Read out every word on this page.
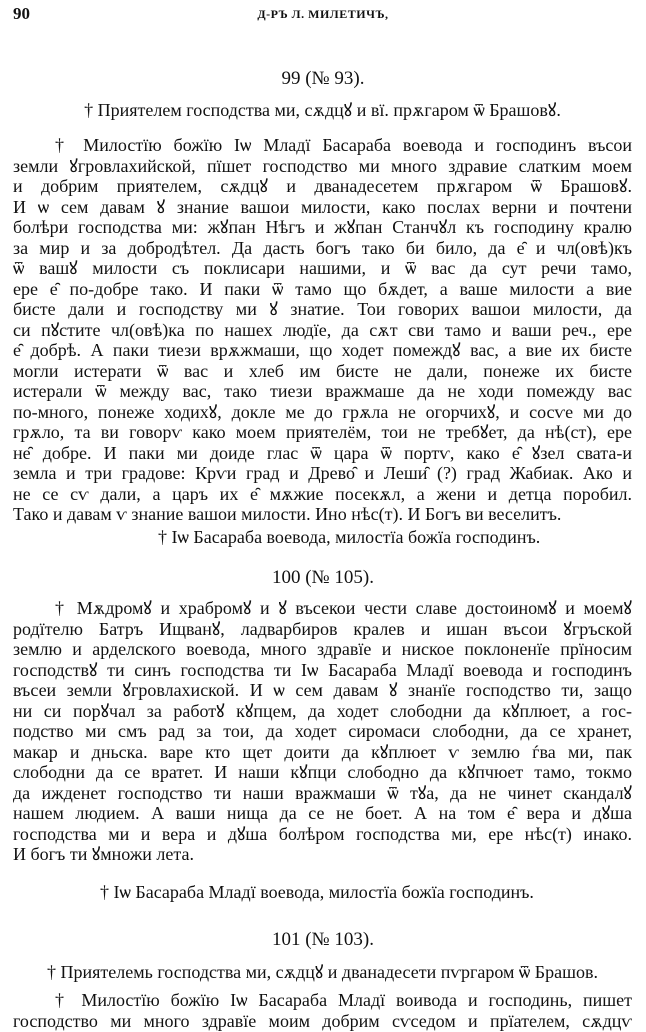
90	Д-РЪ Л. МИЛЕТИЧЪ,
99 (№ 93).
† Приятелем господства ми, сѫдцꙋ и вї. прѫгаром ѿ Брашовꙋ.
† Милостїю божїю Iѡ Младї Басараба воевода и господинъ въсои
земли ꙋгровлахийской, пїшет господство ми много здравие слатким моем
и добрим приятелем, сѫдцꙋ и дванадесетем прѫгаром ѿ Брашовꙋ.
И ѡ сем давам ꙋ знание вашои милости, како послах верни и почтени
болѣри господства ми: жꙋпан Нѣгъ и жꙋпан Станчꙋл къ господину кралю
за мир и за добродѣтел. Да дасть богъ тако би било, да е̑ и чл(овѣ)къ
ѿ вашꙋ милости съ поклисари нашими, и ѿ вас да сут речи тамо,
ере е̑ по-добре тако. И паки ѿ тамо що бѫдет, а ваше милости а вие
бисте дали и господству ми ꙋ знатие. Тои говорих вашои милости, да
си пꙋстите чл(овѣ)ка по нашех людїе, да сѫт сви тамо и ваши реч., ере
е̑ добрѣ. А паки тиези врѫжмаши, що ходет помеждꙋ вас, а вие их бисте
могли истерати ѿ вас и хлеб им бисте не дали, понеже их бисте
истерали ѿ между вас, тако тиези вражмаше да не ходи помежду вас
по-много, понеже ходихꙋ, докле ме до грѫла не огорчихꙋ, и сосѵе ми до
грѫло, та ви говорѵ како моем приятелём, тои не требꙋет, да нѣ(ст), ере
не̑ добре. И паки ми доиде глас ѿ цара ѿ портѵ, како е̑ ꙋзел свата-и
земла и три градове: Крѵи град и Древо̑ и Леши̑ (?) град Жабиак. Ако и
не се сѵ дали, а царъ их е̑ мѫжие посекѫл, а жени и детца поробил.
Тако и давам ѵ знание вашои милости. Ино нѣс(т). И Богъ ви веселитъ.
† Iѡ Басараба воевода, милостїа божїа господинъ.
100 (№ 105).
† Мѫдромꙋ и храбромꙋ и ꙋ въсекои чести славе достоиномꙋ и моемꙋ
родїтелю Батръ Ищванꙋ, ладварбиров кралев и ишан въсои ꙋгръской
землю и арделского воевода, много здравїе и ниское поклоненїе прїносим
господствꙋ ти синъ господства ти Iѡ Басараба Младї воевода и господинъ
въсеи земли ꙋгровлахиской. И ѡ сем давам ꙋ знанїе господство ти, защо
ни си порꙋчал за работꙋ кꙋпцем, да ходет слободни да кꙋплюет, а гос-
подство ми смъ рад за тои, да ходет сиромаси слободни, да се хранет,
макар и дньска. варе кто щет доити да кꙋплюет ѵ землю ѓва ми, пак
слободни да се вратет. И наши кꙋпци слободно да кꙋпчюет тамо, токмо
да ижденет господство ти наши вражмаши ѿ тꙋа, да не чинет скандалꙋ
нашем людием. А ваши нища да се не боет. А на том е̑ вера и дꙋша
господства ми и вера и дꙋша болѣром господства ми, ере нѣс(т) инако.
И богъ ти ꙋмножи лета.
† Iѡ Басараба Младї воевода, милостїа божїа господинъ.
101 (№ 103).
† Приятелемь господства ми, сѫдцꙋ и дванадесети пѵргаром ѿ Брашов.
† Милостїю божїю Iѡ Басараба Младї воивода и господинь, пишет
господство ми много здравїе моим добрим сѵседом и прїателем, сѫдцѵ
